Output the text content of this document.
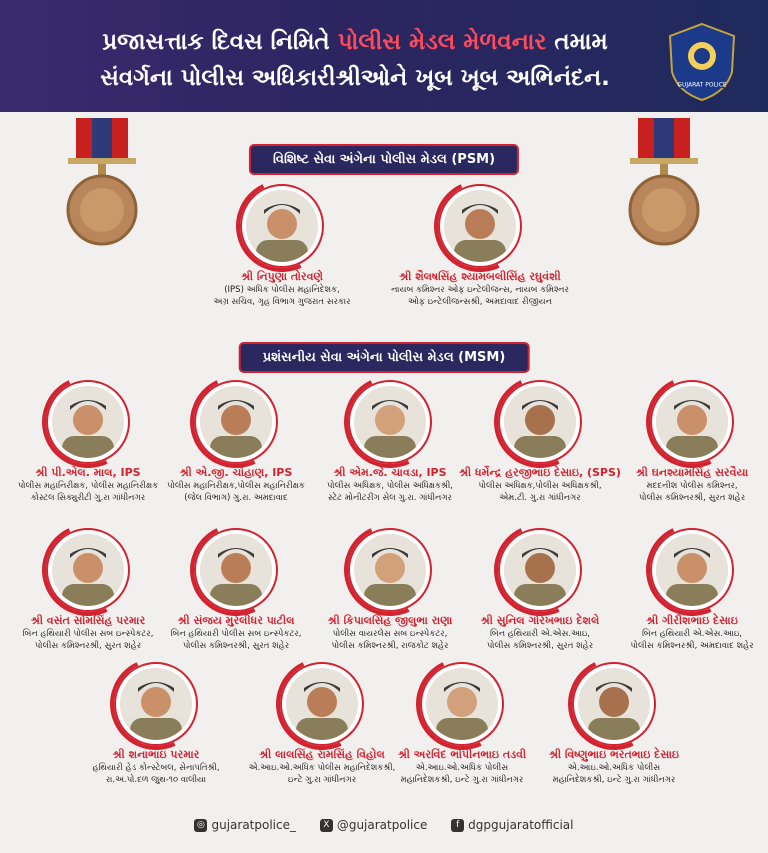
પ્રજાસત્તાક દિવસ નિમિતે પોલીસ મેડલ મેળવનાર તમામ
સંવર્ગના પોલીસ અધિકારીશ્રીઓને ખૂબ ખૂબ અભિનંદન.	GUJARAT POLICE
વિશિષ્ટ સેવા અંગેના પોલીસ મેડલ (PSM)
પ્રશંસનીય સેવા અંગેના પોલીસ મેડલ (MSM)
શ્રી નિપુણા તોરવણે
(IPS) અધિક પોલીસ મહાનિદેશક,
અગ્ર સચિવ, ગૃહ વિભાગ ગુજરાત સરકાર
શ્રી શૈલષસિંહ શ્યામબલીસિંહ રઘુવંશી
નાયબ કમિશ્નર ઓફ ઇન્ટેલીજન્સ, નાયબ કમિશ્નર
ઓફ ઇન્ટેલીજન્સશ્રી, અમદાવાદ રીજીયન
શ્રી પી.એલ. માલ, IPS
પોલીસ મહાનિરીક્ષક, પોલીસ મહાનિરીક્ષક
કોસ્ટલ સિક્યુરીટી ગુ.રા ગાંધીનગર
શ્રી એ.જી. ચૌહાણ, IPS
પોલીસ મહાનિરીક્ષક,પોલીસ મહાનિરીક્ષક
(જેલ વિભાગ) ગુ.રા. અમદાવાદ
શ્રી એમ.જે. ચાવડા, IPS
પોલીસ અધિક્ષક, પોલીસ અધિક્ષકશ્રી,
સ્ટેટ મોનીટરીંગ સેલ ગુ.રા. ગાંધીનગર
શ્રી ધર્મેન્દ્ર હરજીભાઇ દેસાઇ, (SPS)
પોલીસ અધિક્ષક,પોલીસ અધિક્ષકશ્રી,
એમ.ટી. ગુ.રા ગાંધીનગર
શ્રી ઘનશ્યામસિંહ સરવૈયા
મદદનીશ પોલીસ કમિશ્નર,
પોલીસ કમિશ્નરશ્રી, સુરત શહેર
શ્રી વસંત સોમસિંહ પરમાર
બિન હથિયારી પોલીસ સબ ઇન્સ્પેકટર,
પોલીસ કમિશ્નરશ્રી, સુરત શહેર
શ્રી સંજય મુરલીધર પાટીલ
બિન હથિયારી પોલીસ સબ ઇન્સ્પેકટર,
પોલીસ કમિશ્નરશ્રી, સુરત શહેર
શ્રી કિપાલસિંહ જીલુભા રાણા
પોલીસ વાયરલેસ સબ ઇન્સ્પેકટર,
પોલીસ કમિશ્નરશ્રી, રાજકોટ શહેર
શ્રી સુનિલ ગોરખભાઇ દેશલે
બિન હથિયારી એ.એસ.આઇ,
પોલીસ કમિશ્નરશ્રી, સુરત શહેર
શ્રી ગીરીશભાઇ દેસાઇ
બિન હથિયારી એ.એસ.આઇ,
પોલીસ કમિશ્નરશ્રી, અમદાવાદ શહેર
શ્રી શનાભાઇ પરમાર
હથિયારી હેડ કોન્સ્ટેબલ, સેનાપતિશ્રી,
રા.અ.પો.દળ જુથ-૧૦ વાલીયા
શ્રી લાલસિંહ રામસિંહ વિહોલ
એ.આઇ.ઓ.અધિક પોલીસ મહાનિદેશકશ્રી,
ઇન્ટે ગુ.રા ગાંધીનગર
શ્રી અરવિંદ ભોપીનભાઇ તડવી
એ.આઇ.ઓ.અધિક પોલીસ
મહાનિદેશકશ્રી, ઇન્ટે ગુ.રા ગાંધીનગર
શ્રી વિષ્ણુભાઇ ભરતભાઇ દેસાઇ
એ.આઇ.ઓ.અધિક પોલીસ
મહાનિદેશકશ્રી, ઇન્ટે ગુ.રા ગાંધીનગર
◎ gujaratpolice_	X @gujaratpolice	f dgpgujaratofficial
